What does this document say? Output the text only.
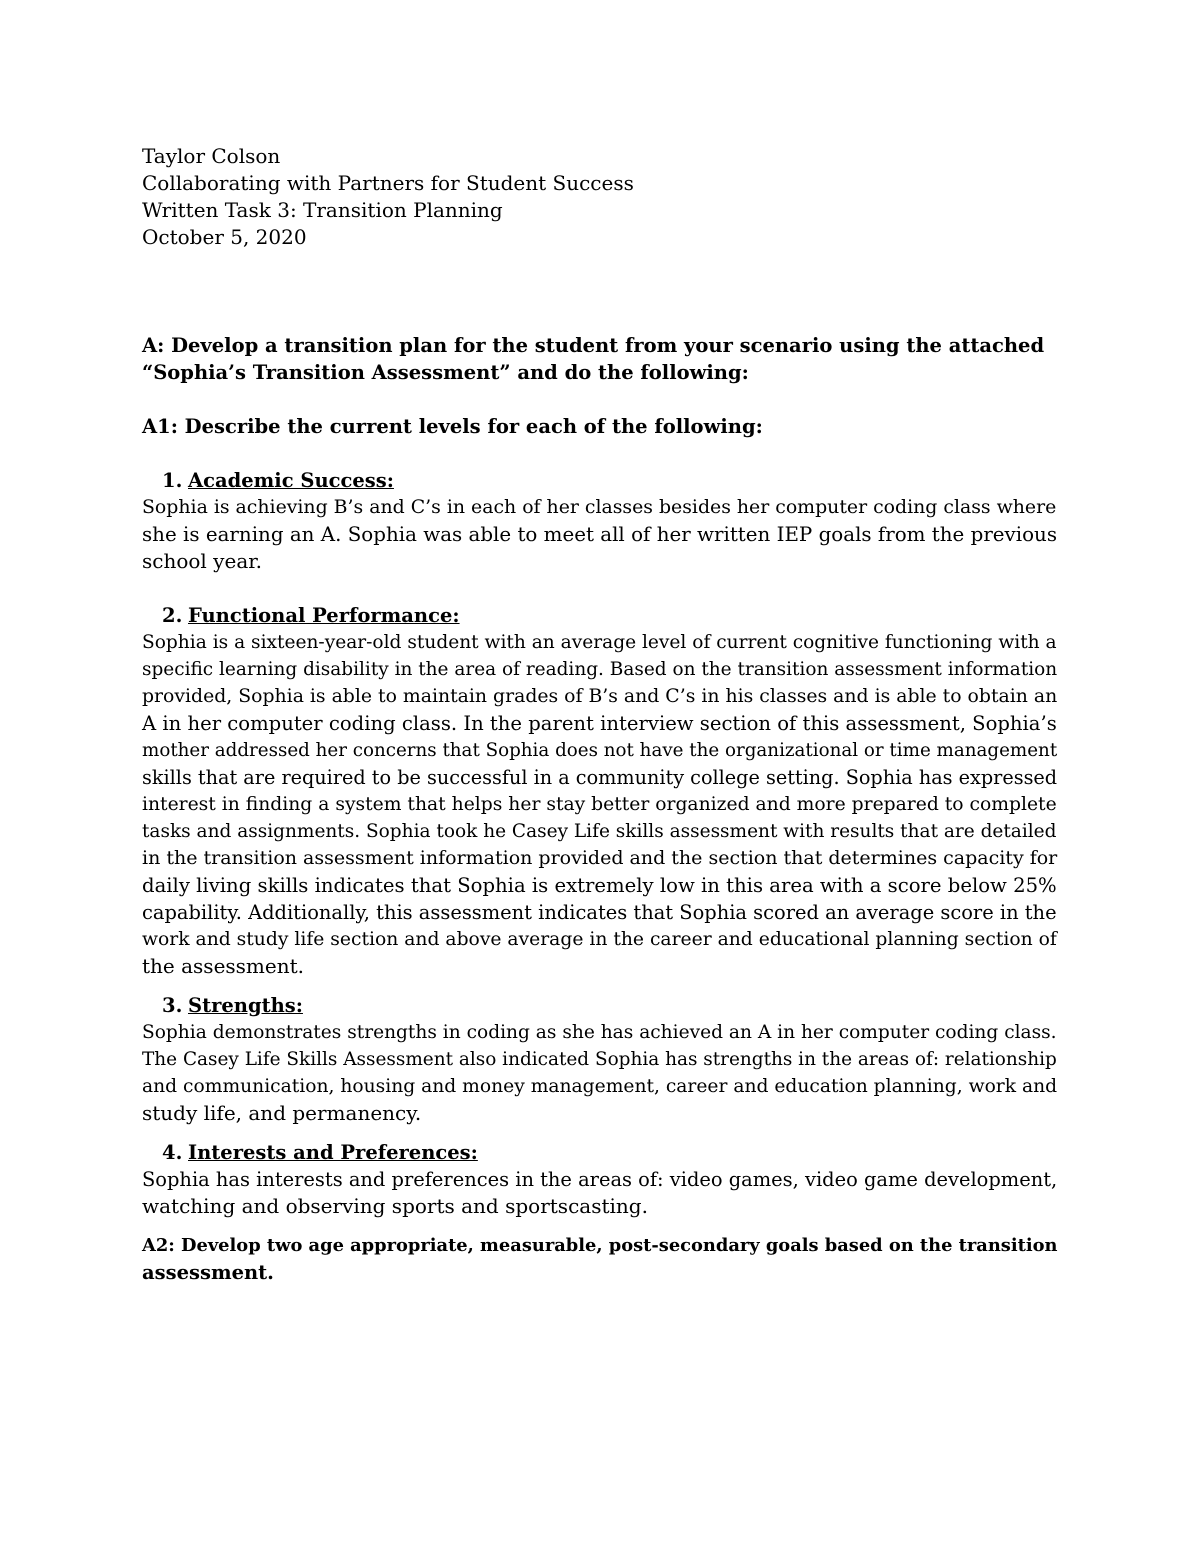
Taylor Colson
Collaborating with Partners for Student Success
Written Task 3: Transition Planning
October 5, 2020
A: Develop a transition plan for the student from your scenario using the attached
“Sophia’s Transition Assessment” and do the following:
A1: Describe the current levels for each of the following:
1. Academic Success:
Sophia is achieving B’s and C’s in each of her classes besides her computer coding class where
she is earning an A. Sophia was able to meet all of her written IEP goals from the previous
school year.
2. Functional Performance:
Sophia is a sixteen-year-old student with an average level of current cognitive functioning with a
specific learning disability in the area of reading. Based on the transition assessment information
provided, Sophia is able to maintain grades of B’s and C’s in his classes and is able to obtain an
A in her computer coding class. In the parent interview section of this assessment, Sophia’s
mother addressed her concerns that Sophia does not have the organizational or time management
skills that are required to be successful in a community college setting. Sophia has expressed
interest in finding a system that helps her stay better organized and more prepared to complete
tasks and assignments. Sophia took he Casey Life skills assessment with results that are detailed
in the transition assessment information provided and the section that determines capacity for
daily living skills indicates that Sophia is extremely low in this area with a score below 25%
capability. Additionally, this assessment indicates that Sophia scored an average score in the
work and study life section and above average in the career and educational planning section of
the assessment.
3. Strengths:
Sophia demonstrates strengths in coding as she has achieved an A in her computer coding class.
The Casey Life Skills Assessment also indicated Sophia has strengths in the areas of: relationship
and communication, housing and money management, career and education planning, work and
study life, and permanency.
4. Interests and Preferences:
Sophia has interests and preferences in the areas of: video games, video game development,
watching and observing sports and sportscasting.
A2: Develop two age appropriate, measurable, post-secondary goals based on the transition
assessment.
